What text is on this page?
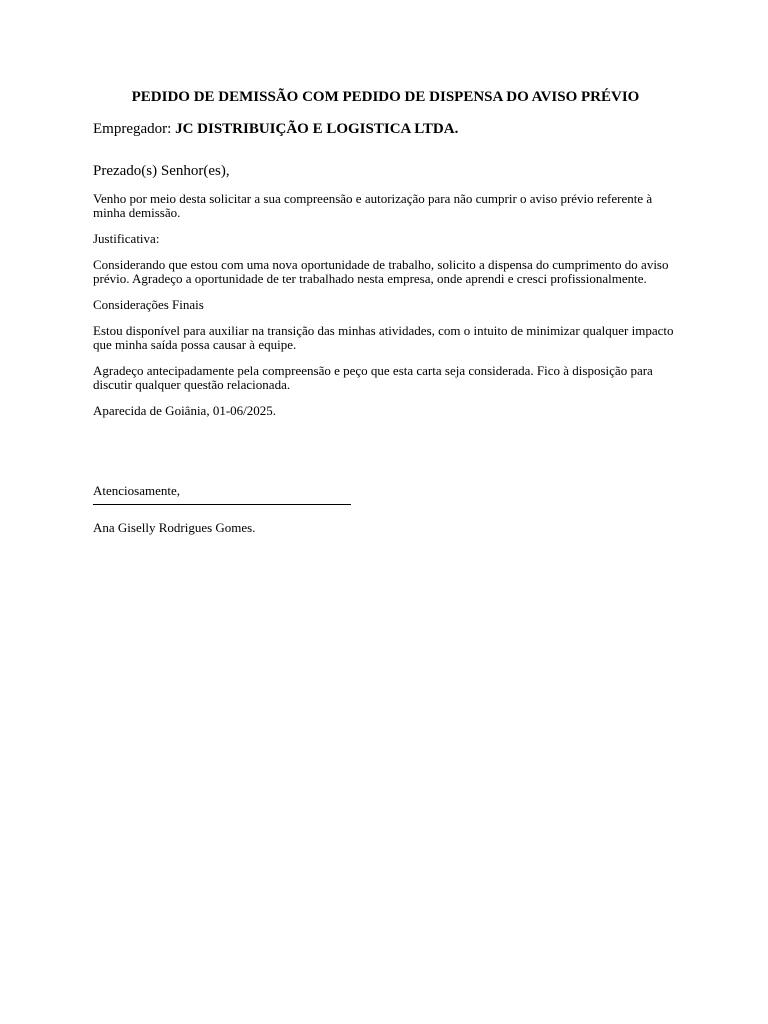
PEDIDO DE DEMISSÃO COM PEDIDO DE DISPENSA DO AVISO PRÉVIO

Empregador: JC DISTRIBUIÇÃO E LOGISTICA LTDA.

Prezado(s) Senhor(es),

Venho por meio desta solicitar a sua compreensão e autorização para não cumprir o aviso prévio referente à minha demissão.

Justificativa:

Considerando que estou com uma nova oportunidade de trabalho, solicito a dispensa do cumprimento do aviso prévio. Agradeço a oportunidade de ter trabalhado nesta empresa, onde aprendi e cresci profissionalmente.

Considerações Finais

Estou disponível para auxiliar na transição das minhas atividades, com o intuito de minimizar qualquer impacto que minha saída possa causar à equipe.

Agradeço antecipadamente pela compreensão e peço que esta carta seja considerada. Fico à disposição para discutir qualquer questão relacionada.

Aparecida de Goiânia, 01-06/2025.

Atenciosamente,

Ana Giselly Rodrigues Gomes.
